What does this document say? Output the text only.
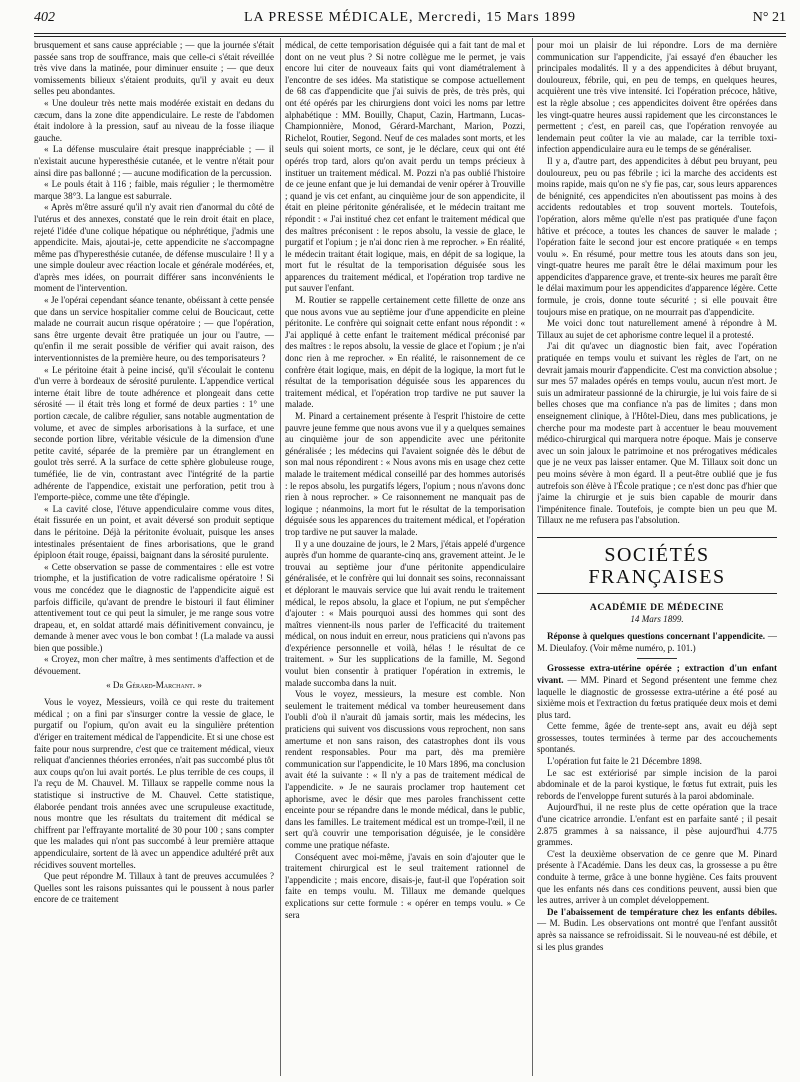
402	LA PRESSE MÉDICALE, Mercredi, 15 Mars 1899	N° 21

brusquement et sans cause appréciable ; — que la journée s'était passée sans trop de souffrance, mais que celle-ci s'était réveillée très vive dans la matinée, pour diminuer ensuite ; — que deux vomissements bilieux s'étaient produits, qu'il y avait eu deux selles peu abondantes.

« Une douleur très nette mais modérée existait en dedans du cæcum, dans la zone dite appendiculaire. Le reste de l'abdomen était indolore à la pression, sauf au niveau de la fosse iliaque gauche.

« La défense musculaire était presque inappréciable ; — il n'existait aucune hyperesthésie cutanée, et le ventre n'était pour ainsi dire pas ballonné ; — aucune modification de la percussion.

« Le pouls était à 116 ; faible, mais régulier ; le thermomètre marque 38°3. La langue est saburrale.

« Après m'être assuré qu'il n'y avait rien d'anormal du côté de l'utérus et des annexes, constaté que le rein droit était en place, rejeté l'idée d'une colique hépatique ou néphrétique, j'admis une appendicite. Mais, ajoutai-je, cette appendicite ne s'accompagne même pas d'hyperesthésie cutanée, de défense musculaire ! Il y a une simple douleur avec réaction locale et générale modérées, et, d'après mes idées, on pourrait différer sans inconvénients le moment de l'intervention.

« Je l'opérai cependant séance tenante, obéissant à cette pensée que dans un service hospitalier comme celui de Boucicaut, cette malade ne courrait aucun risque opératoire ; — que l'opération, sans être urgente devait être pratiquée un jour ou l'autre, — qu'enfin il me serait possible de vérifier qui avait raison, des interventionnistes de la première heure, ou des temporisateurs ?

« Le péritoine était à peine incisé, qu'il s'écoulait le contenu d'un verre à bordeaux de sérosité purulente. L'appendice vertical interne était libre de toute adhérence et plongeait dans cette sérosité — il était très long et formé de deux parties : 1° une portion cæcale, de calibre régulier, sans notable augmentation de volume, et avec de simples arborisations à la surface, et une seconde portion libre, véritable vésicule de la dimension d'une petite cavité, séparée de la première par un étranglement en goulot très serré. A la surface de cette sphère globuleuse rouge, tuméfiée, lie de vin, contrastant avec l'intégrité de la partie adhérente de l'appendice, existait une perforation, petit trou à l'emporte-pièce, comme une tête d'épingle.

« La cavité close, l'étuve appendiculaire comme vous dites, était fissurée en un point, et avait déversé son produit septique dans le péritoine. Déjà la péritonite évoluait, puisque les anses intestinales présentaient de fines arborisations, que le grand épiploon était rouge, épaissi, baignant dans la sérosité purulente.

« Cette observation se passe de commentaires : elle est votre triomphe, et la justification de votre radicalisme opératoire ! Si vous me concédez que le diagnostic de l'appendicite aiguë est parfois difficile, qu'avant de prendre le bistouri il faut éliminer attentivement tout ce qui peut la simuler, je me range sous votre drapeau, et, en soldat attardé mais définitivement convaincu, je demande à mener avec vous le bon combat ! (La malade va aussi bien que possible.)

« Croyez, mon cher maître, à mes sentiments d'affection et de dévouement.

« Dr Gérard-Marchant. »

Vous le voyez, Messieurs, voilà ce qui reste du traitement médical ; on a fini par s'insurger contre la vessie de glace, le purgatif ou l'opium, qu'on avait eu la singulière prétention d'ériger en traitement médical de l'appendicite. Et si une chose est faite pour nous surprendre, c'est que ce traitement médical, vieux reliquat d'anciennes théories erronées, n'ait pas succombé plus tôt aux coups qu'on lui avait portés. Le plus terrible de ces coups, il l'a reçu de M. Chauvel. M. Tillaux se rappelle comme nous la statistique si instructive de M. Chauvel. Cette statistique, élaborée pendant trois années avec une scrupuleuse exactitude, nous montre que les résultats du traitement dit médical se chiffrent par l'effrayante mortalité de 30 pour 100 ; sans compter que les malades qui n'ont pas succombé à leur première attaque appendiculaire, sortent de là avec un appendice adultéré prêt aux récidives souvent mortelles.

Que peut répondre M. Tillaux à tant de preuves accumulées ? Quelles sont les raisons puissantes qui le poussent à nous parler encore de ce traitement

médical, de cette temporisation déguisée qui a fait tant de mal et dont on ne veut plus ? Si notre collègue me le permet, je vais encore lui citer de nouveaux faits qui vont diamétralement à l'encontre de ses idées. Ma statistique se compose actuellement de 68 cas d'appendicite que j'ai suivis de près, de très près, qui ont été opérés par les chirurgiens dont voici les noms par lettre alphabétique : MM. Bouilly, Chaput, Cazin, Hartmann, Lucas-Championnière, Monod, Gérard-Marchant, Marion, Pozzi, Richelot, Routier, Segond. Neuf de ces malades sont morts, et les seuls qui soient morts, ce sont, je le déclare, ceux qui ont été opérés trop tard, alors qu'on avait perdu un temps précieux à instituer un traitement médical. M. Pozzi n'a pas oublié l'histoire de ce jeune enfant que je lui demandai de venir opérer à Trouville ; quand je vis cet enfant, au cinquième jour de son appendicite, il était en pleine péritonite généralisée, et le médecin traitant me répondit : « J'ai institué chez cet enfant le traitement médical que des maîtres préconisent : le repos absolu, la vessie de glace, le purgatif et l'opium ; je n'ai donc rien à me reprocher. » En réalité, le médecin traitant était logique, mais, en dépit de sa logique, la mort fut le résultat de la temporisation déguisée sous les apparences du traitement médical, et l'opération trop tardive ne put sauver l'enfant.

M. Routier se rappelle certainement cette fillette de onze ans que nous avons vue au septième jour d'une appendicite en pleine péritonite. Le confrère qui soignait cette enfant nous répondit : « J'ai appliqué à cette enfant le traitement médical préconisé par des maîtres : le repos absolu, la vessie de glace et l'opium ; je n'ai donc rien à me reprocher. » En réalité, le raisonnement de ce confrère était logique, mais, en dépit de la logique, la mort fut le résultat de la temporisation déguisée sous les apparences du traitement médical, et l'opération trop tardive ne put sauver la malade.

M. Pinard a certainement présente à l'esprit l'histoire de cette pauvre jeune femme que nous avons vue il y a quelques semaines au cinquième jour de son appendicite avec une péritonite généralisée ; les médecins qui l'avaient soignée dès le début de son mal nous répondirent : « Nous avons mis en usage chez cette malade le traitement médical conseillé par des hommes autorisés : le repos absolu, les purgatifs légers, l'opium ; nous n'avons donc rien à nous reprocher. » Ce raisonnement ne manquait pas de logique ; néanmoins, la mort fut le résultat de la temporisation déguisée sous les apparences du traitement médical, et l'opération trop tardive ne put sauver la malade.

Il y a une douzaine de jours, le 2 Mars, j'étais appelé d'urgence auprès d'un homme de quarante-cinq ans, gravement atteint. Je le trouvai au septième jour d'une péritonite appendiculaire généralisée, et le confrère qui lui donnait ses soins, reconnaissant et déplorant le mauvais service que lui avait rendu le traitement médical, le repos absolu, la glace et l'opium, ne put s'empêcher d'ajouter : « Mais pourquoi aussi des hommes qui sont des maîtres viennent-ils nous parler de l'efficacité du traitement médical, on nous induit en erreur, nous praticiens qui n'avons pas d'expérience personnelle et voilà, hélas ! le résultat de ce traitement. » Sur les supplications de la famille, M. Segond voulut bien consentir à pratiquer l'opération in extremis, le malade succomba dans la nuit.

Vous le voyez, messieurs, la mesure est comble. Non seulement le traitement médical va tomber heureusement dans l'oubli d'où il n'aurait dû jamais sortir, mais les médecins, les praticiens qui suivent vos discussions vous reprochent, non sans amertume et non sans raison, des catastrophes dont ils vous rendent responsables. Pour ma part, dès ma première communication sur l'appendicite, le 10 Mars 1896, ma conclusion avait été la suivante : « Il n'y a pas de traitement médical de l'appendicite. » Je ne saurais proclamer trop hautement cet aphorisme, avec le désir que mes paroles franchissent cette enceinte pour se répandre dans le monde médical, dans le public, dans les familles. Le traitement médical est un trompe-l'œil, il ne sert qu'à couvrir une temporisation déguisée, je le considère comme une pratique néfaste.

Conséquent avec moi-même, j'avais en soin d'ajouter que le traitement chirurgical est le seul traitement rationnel de l'appendicite ; mais encore, disais-je, faut-il que l'opération soit faite en temps voulu. M. Tillaux me demande quelques explications sur cette formule : « opérer en temps voulu. » Ce sera

pour moi un plaisir de lui répondre. Lors de ma dernière communication sur l'appendicite, j'ai essayé d'en ébaucher les principales modalités. Il y a des appendicites à début bruyant, douloureux, fébrile, qui, en peu de temps, en quelques heures, acquièrent une très vive intensité. Ici l'opération précoce, hâtive, est la règle absolue ; ces appendicites doivent être opérées dans les vingt-quatre heures aussi rapidement que les circonstances le permettent ; c'est, en pareil cas, que l'opération renvoyée au lendemain peut coûter la vie au malade, car la terrible toxi-infection appendiculaire aura eu le temps de se généraliser.

Il y a, d'autre part, des appendicites à début peu bruyant, peu douloureux, peu ou pas fébrile ; ici la marche des accidents est moins rapide, mais qu'on ne s'y fie pas, car, sous leurs apparences de bénignité, ces appendicites n'en aboutissent pas moins à des accidents redoutables et trop souvent mortels. Toutefois, l'opération, alors même qu'elle n'est pas pratiquée d'une façon hâtive et précoce, a toutes les chances de sauver le malade ; l'opération faite le second jour est encore pratiquée « en temps voulu ». En résumé, pour mettre tous les atouts dans son jeu, vingt-quatre heures me paraît être le délai maximum pour les appendicites d'apparence grave, et trente-six heures me paraît être le délai maximum pour les appendicites d'apparence légère. Cette formule, je crois, donne toute sécurité ; si elle pouvait être toujours mise en pratique, on ne mourrait pas d'appendicite.

Me voici donc tout naturellement amené à répondre à M. Tillaux au sujet de cet aphorisme contre lequel il a protesté.

J'ai dit qu'avec un diagnostic bien fait, avec l'opération pratiquée en temps voulu et suivant les règles de l'art, on ne devrait jamais mourir d'appendicite. C'est ma conviction absolue ; sur mes 57 malades opérés en temps voulu, aucun n'est mort. Je suis un admirateur passionné de la chirurgie, je lui vois faire de si belles choses que ma confiance n'a pas de limites ; dans mon enseignement clinique, à l'Hôtel-Dieu, dans mes publications, je cherche pour ma modeste part à accentuer le beau mouvement médico-chirurgical qui marquera notre époque. Mais je conserve avec un soin jaloux le patrimoine et nos prérogatives médicales que je ne veux pas laisser entamer. Que M. Tillaux soit donc un peu moins sévère à mon égard. Il a peut-être oublié que je fus autrefois son élève à l'École pratique ; ce n'est donc pas d'hier que j'aime la chirurgie et je suis bien capable de mourir dans l'impénitence finale. Toutefois, je compte bien un peu que M. Tillaux ne me refusera pas l'absolution.

SOCIÉTÉS FRANÇAISES
ACADÉMIE DE MÉDECINE
14 Mars 1899.

Réponse à quelques questions concernant l'appendicite. — M. Dieulafoy. (Voir même numéro, p. 101.)

Grossesse extra-utérine opérée ; extraction d'un enfant vivant. — MM. Pinard et Segond présentent une femme chez laquelle le diagnostic de grossesse extra-utérine a été posé au sixième mois et l'extraction du fœtus pratiquée deux mois et demi plus tard.

Cette femme, âgée de trente-sept ans, avait eu déjà sept grossesses, toutes terminées à terme par des accouchements spontanés.

L'opération fut faite le 21 Décembre 1898.

Le sac est extériorisé par simple incision de la paroi abdominale et de la paroi kystique, le fœtus fut extrait, puis les rebords de l'enveloppe furent suturés à la paroi abdominale.

Aujourd'hui, il ne reste plus de cette opération que la trace d'une cicatrice arrondie. L'enfant est en parfaite santé ; il pesait 2.875 grammes à sa naissance, il pèse aujourd'hui 4.775 grammes.

C'est la deuxième observation de ce genre que M. Pinard présente à l'Académie. Dans les deux cas, la grossesse a pu être conduite à terme, grâce à une bonne hygiène. Ces faits prouvent que les enfants nés dans ces conditions peuvent, aussi bien que les autres, arriver à un complet développement.

De l'abaissement de température chez les enfants débiles. — M. Budin. Les observations ont montré que l'enfant aussitôt après sa naissance se refroidissait. Si le nouveau-né est débile, et si les plus grandes
